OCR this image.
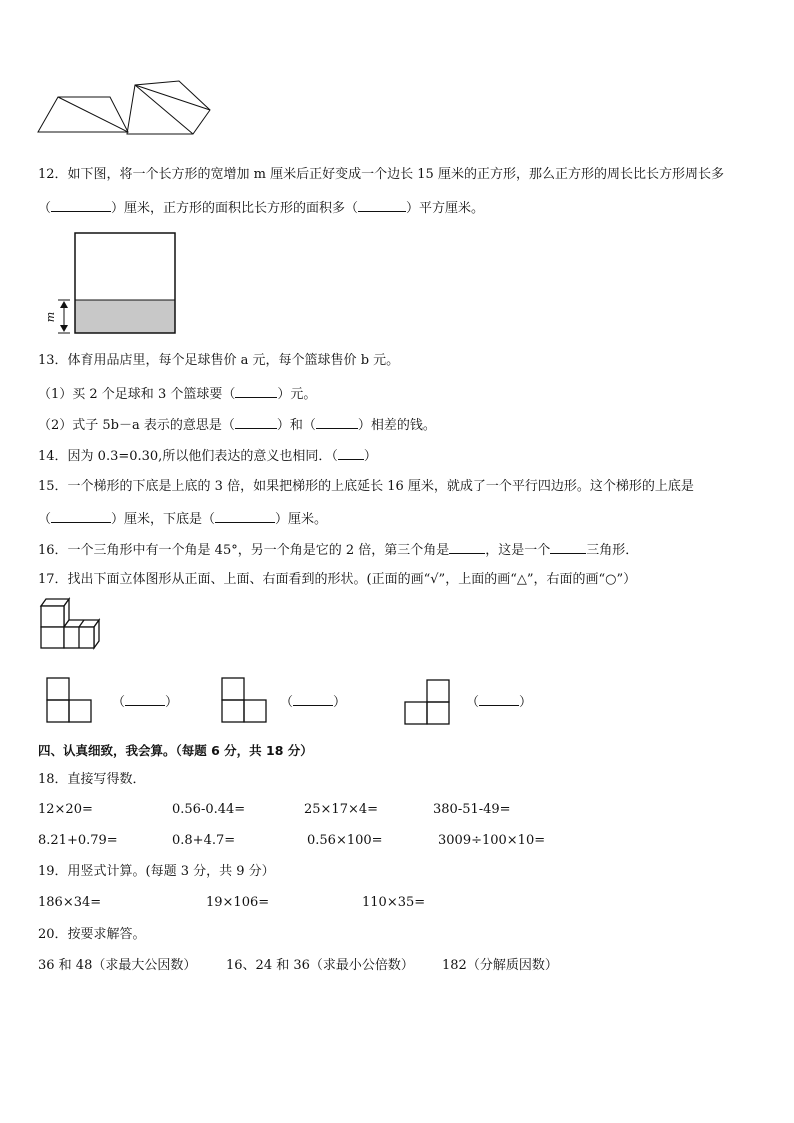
12．如下图，将一个长方形的宽增加 m 厘米后正好变成一个边长 15 厘米的正方形，那么正方形的周长比长方形周长多
（	）厘米，正方形的面积比长方形的面积多（	）平方厘米。
m
13．体育用品店里，每个足球售价 a 元，每个篮球售价 b 元。
（1）买 2 个足球和 3 个篮球要（	）元。
（2）式子 5b－a 表示的意思是（	）和（	）相差的钱。
14．因为 0.3=0.30,所以他们表达的意义也相同．（ ）
15．一个梯形的下底是上底的 3 倍，如果把梯形的上底延长 16 厘米，就成了一个平行四边形。这个梯形的上底是
（	）厘米，下底是（	）厘米。
16．一个三角形中有一个角是 45°，另一个角是它的 2 倍，第三个角是	，这是一个	三角形．
17．找出下面立体图形从正面、上面、右面看到的形状。(正面的画“√”，上面的画“△”，右面的画“○”）
（	）	（	）	（	）
四、认真细致，我会算。（每题 6 分，共 18 分）
18．直接写得数．
12×20=	0.56-0.44=	25×17×4=	380-51-49=
8.21+0.79=	0.8+4.7=	0.56×100=	3009÷100×10=
19．用竖式计算。(每题 3 分，共 9 分）
186×34=	19×106=	110×35=
20．按要求解答。
36 和 48（求最大公因数） 16、24 和 36（求最小公倍数） 182（分解质因数）
